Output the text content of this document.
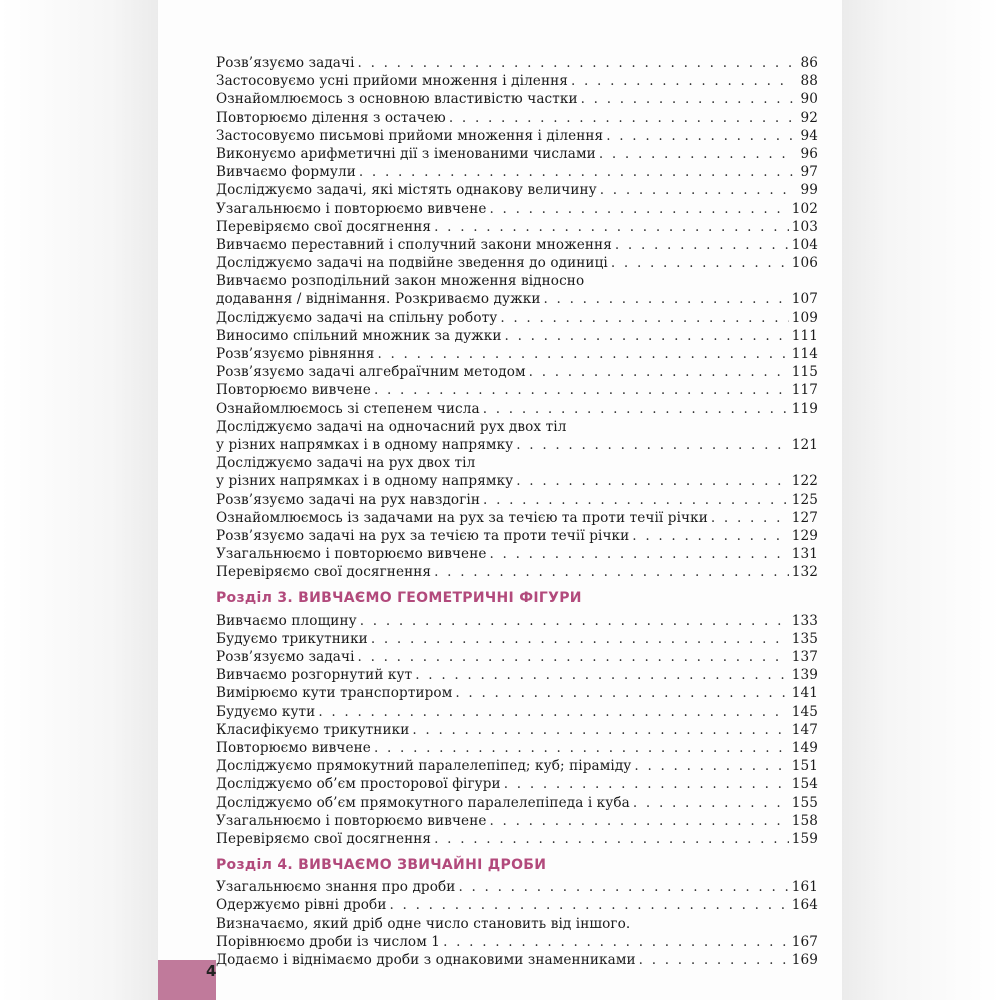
Розв’язуємо задачі . . .	86
Застосовуємо усні прийоми множення і ділення . . .	88
Ознайомлюємось з основною властивістю частки . . .	90
Повторюємо ділення з остачею . . .	92
Застосовуємо письмові прийоми множення і ділення . . .	94
Виконуємо арифметичні дії з іменованими числами . . .	96
Вивчаємо формули . . .	97
Досліджуємо задачі, які містять однакову величину . . .	99
Узагальнюємо і повторюємо вивчене . . .	102
Перевіряємо свої досягнення . . .	103
Вивчаємо переставний і сполучний закони множення . . .	104
Досліджуємо задачі на подвійне зведення до одиниці . . .	106
Вивчаємо розподільний закон множення відносно
додавання / віднімання. Розкриваємо дужки . . .	107
Досліджуємо задачі на спільну роботу . . .	109
Виносимо спільний множник за дужки . . .	111
Розв’язуємо рівняння . . .	114
Розв’язуємо задачі алгебраїчним методом . . .	115
Повторюємо вивчене . . .	117
Ознайомлюємось зі степенем числа . . .	119
Досліджуємо задачі на одночасний рух двох тіл
у різних напрямках і в одному напрямку . . .	121
Досліджуємо задачі на рух двох тіл
у різних напрямках і в одному напрямку . . .	122
Розв’язуємо задачі на рух навздогін . . .	125
Ознайомлюємось із задачами на рух за течією та проти течії річки . . .	127
Розв’язуємо задачі на рух за течією та проти течії річки . . .	129
Узагальнюємо і повторюємо вивчене . . .	131
Перевіряємо свої досягнення . . .	132
Розділ 3. ВИВЧАЄМО ГЕОМЕТРИЧНІ ФІГУРИ
Вивчаємо площину . . .	133
Будуємо трикутники . . .	135
Розв’язуємо задачі . . .	137
Вивчаємо розгорнутий кут . . .	139
Вимірюємо кути транспортиром . . .	141
Будуємо кути . . .	145
Класифікуємо трикутники . . .	147
Повторюємо вивчене . . .	149
Досліджуємо прямокутний паралелепіпед; куб; піраміду . . .	151
Досліджуємо об’єм просторової фігури . . .	154
Досліджуємо об’єм прямокутного паралелепіпеда і куба . . .	155
Узагальнюємо і повторюємо вивчене . . .	158
Перевіряємо свої досягнення . . .	159
Розділ 4. ВИВЧАЄМО ЗВИЧАЙНІ ДРОБИ
Узагальнюємо знання про дроби . . .	161
Одержуємо рівні дроби . . .	164
Визначаємо, який дріб одне число становить від іншого.
Порівнюємо дроби із числом 1 . . .	167
Додаємо і віднімаємо дроби з однаковими знаменниками . . .	169
4
